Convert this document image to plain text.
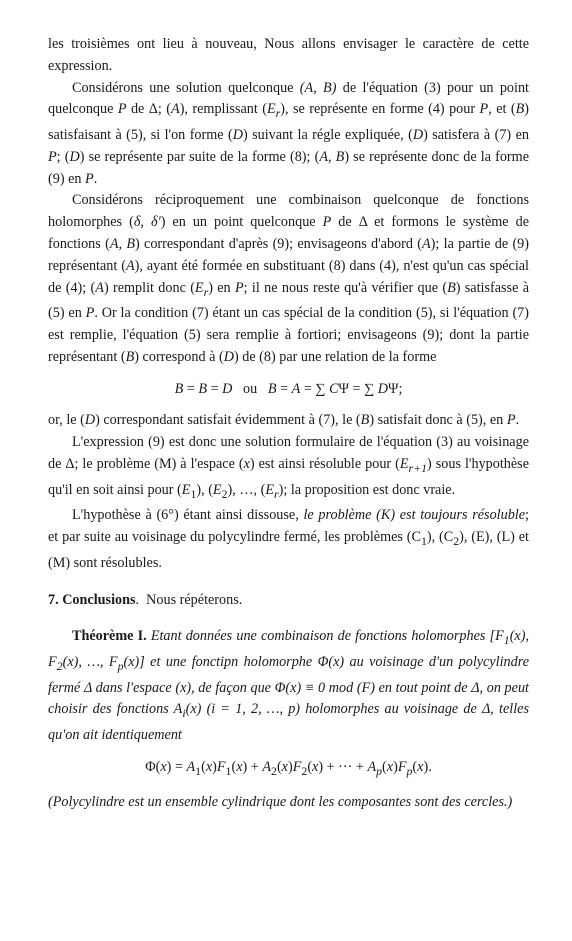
les troisièmes ont lieu à nouveau, Nous allons envisager le caractère de cette expression.

Considérons une solution quelconque (A, B) de l'équation (3) pour un point quelconque P de Δ; (A), remplissant $(E_r)$, se représente en forme (4) pour P, et (B) satisfaisant à (5), si l'on forme (D) suivant la régle expliquée, (D) satisfera à (7) en P; (D) se représente par suite de la forme (8); (A, B) se représente donc de la forme (9) en P.

Considérons réciproquement une combinaison quelconque de fonctions holomorphes (δ, δ′) en un point quelconque P de Δ et formons le système de fonctions (A, B) correspondant d'après (9); envisageons d'abord (A); la partie de (9) représentant (A), ayant été formée en substituant (8) dans (4), n'est qu'un cas spécial de (4); (A) remplit donc $(E_r)$ en P; il ne nous reste qu'à vérifier que (B) satisfasse à (5) en P. Or la condition (7) étant un cas spécial de la condition (5), si l'équation (7) est remplie, l'équation (5) sera remplie à fortiori; envisageons (9); dont la partie représentant (B) correspond à (D) de (8) par une relation de la forme

B = B = D   ou   B = A = ∑ CΨ = ∑ DΨ;

or, le (D) correspondant satisfait évidemment à (7), le (B) satisfait donc à (5), en P.

L'expression (9) est donc une solution formulaire de l'équation (3) au voisinage de Δ; le problème (M) à l'espace (x) est ainsi résoluble pour $(E_{r+1})$ sous l'hypothèse qu'il en soit ainsi pour $(E_1)$, $(E_2)$, …, $(E_r)$; la proposition est donc vraie.

L'hypothèse à (6°) étant ainsi dissouse, le problème (K) est toujours résoluble; et par suite au voisinage du polycylindre fermé, les problèmes $(C_1)$, $(C_2)$, (E), (L) et (M) sont résolubles.

7. Conclusions.  Nous répéterons.

Théorème I. Etant données une combinaison de fonctions holomorphes [$F_1(x)$, $F_2(x)$, …, $F_p(x)$] et une fonctipn holomorphe Φ(x) au voisinage d'un polycylindre fermé Δ dans l'espace (x), de façon que Φ(x) ≡ 0 mod (F) en tout point de Δ, on peut choisir des fonctions $A_i(x) (i = 1$, 2, …, p) holomorphes au voisinage de Δ, telles qu'on ait identiquement

$\Phi(x) = A_1(x)F_1(x) + A_2(x)F_2(x)$ + ··· + $A_p(x)F_p(x)$.

(Polycylindre est un ensemble cylindrique dont les composantes sont des cercles.)
